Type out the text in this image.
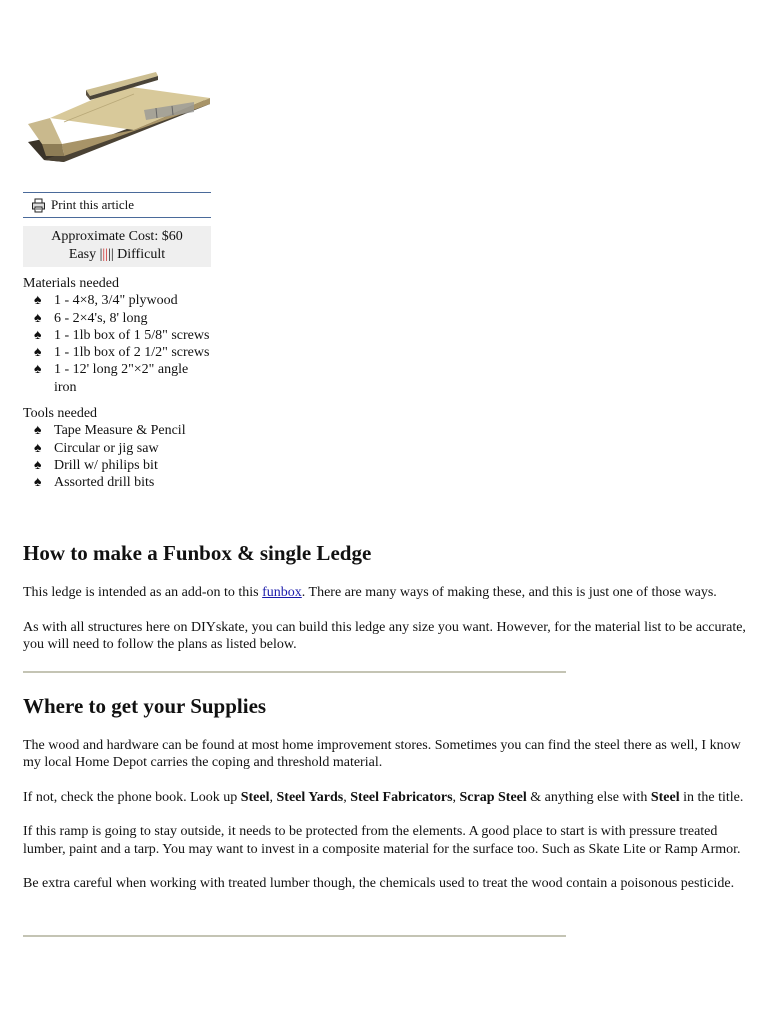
Print this article
Approximate Cost: $60
Easy ||||| Difficult
Materials needed
♠ 1 - 4×8, 3/4" plywood
♠ 6 - 2×4's, 8' long
♠ 1 - 1lb box of 1 5/8" screws
♠ 1 - 1lb box of 2 1/2" screws
♠ 1 - 12' long 2"×2" angle iron
Tools needed
♠ Tape Measure & Pencil
♠ Circular or jig saw
♠ Drill w/ philips bit
♠ Assorted drill bits
How to make a Funbox & single Ledge

This ledge is intended as an add-on to this funbox. There are many ways of making these, and this is just one of those ways.

As with all structures here on DIYskate, you can build this ledge any size you want. However, for the material list to be accurate, you will need to follow the plans as listed below.

Where to get your Supplies

The wood and hardware can be found at most home improvement stores. Sometimes you can find the steel there as well, I know my local Home Depot carries the coping and threshold material.

If not, check the phone book. Look up Steel, Steel Yards, Steel Fabricators, Scrap Steel & anything else with Steel in the title.

If this ramp is going to stay outside, it needs to be protected from the elements. A good place to start is with pressure treated lumber, paint and a tarp. You may want to invest in a composite material for the surface too. Such as Skate Lite or Ramp Armor.

Be extra careful when working with treated lumber though, the chemicals used to treat the wood contain a poisonous pesticide.
